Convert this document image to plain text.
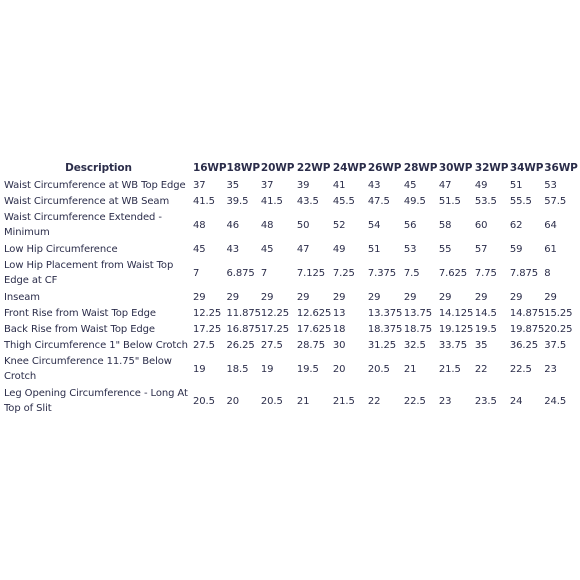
Description	16WP	18WP	20WP	22WP	24WP	26WP	28WP	30WP	32WP	34WP	36WP
Waist Circumference at WB Top Edge	37	35	37	39	41	43	45	47	49	51	53
Waist Circumference at WB Seam	41.5	39.5	41.5	43.5	45.5	47.5	49.5	51.5	53.5	55.5	57.5
Waist Circumference Extended - Minimum	48	46	48	50	52	54	56	58	60	62	64
Low Hip Circumference	45	43	45	47	49	51	53	55	57	59	61
Low Hip Placement from Waist Top Edge at CF	7	6.875	7	7.125	7.25	7.375	7.5	7.625	7.75	7.875	8
Inseam	29	29	29	29	29	29	29	29	29	29	29
Front Rise from Waist Top Edge	12.25	11.875	12.25	12.625	13	13.375	13.75	14.125	14.5	14.875	15.25
Back Rise from Waist Top Edge	17.25	16.875	17.25	17.625	18	18.375	18.75	19.125	19.5	19.875	20.25
Thigh Circumference 1" Below Crotch	27.5	26.25	27.5	28.75	30	31.25	32.5	33.75	35	36.25	37.5
Knee Circumference 11.75" Below Crotch	19	18.5	19	19.5	20	20.5	21	21.5	22	22.5	23
Leg Opening Circumference - Long At Top of Slit	20.5	20	20.5	21	21.5	22	22.5	23	23.5	24	24.5
